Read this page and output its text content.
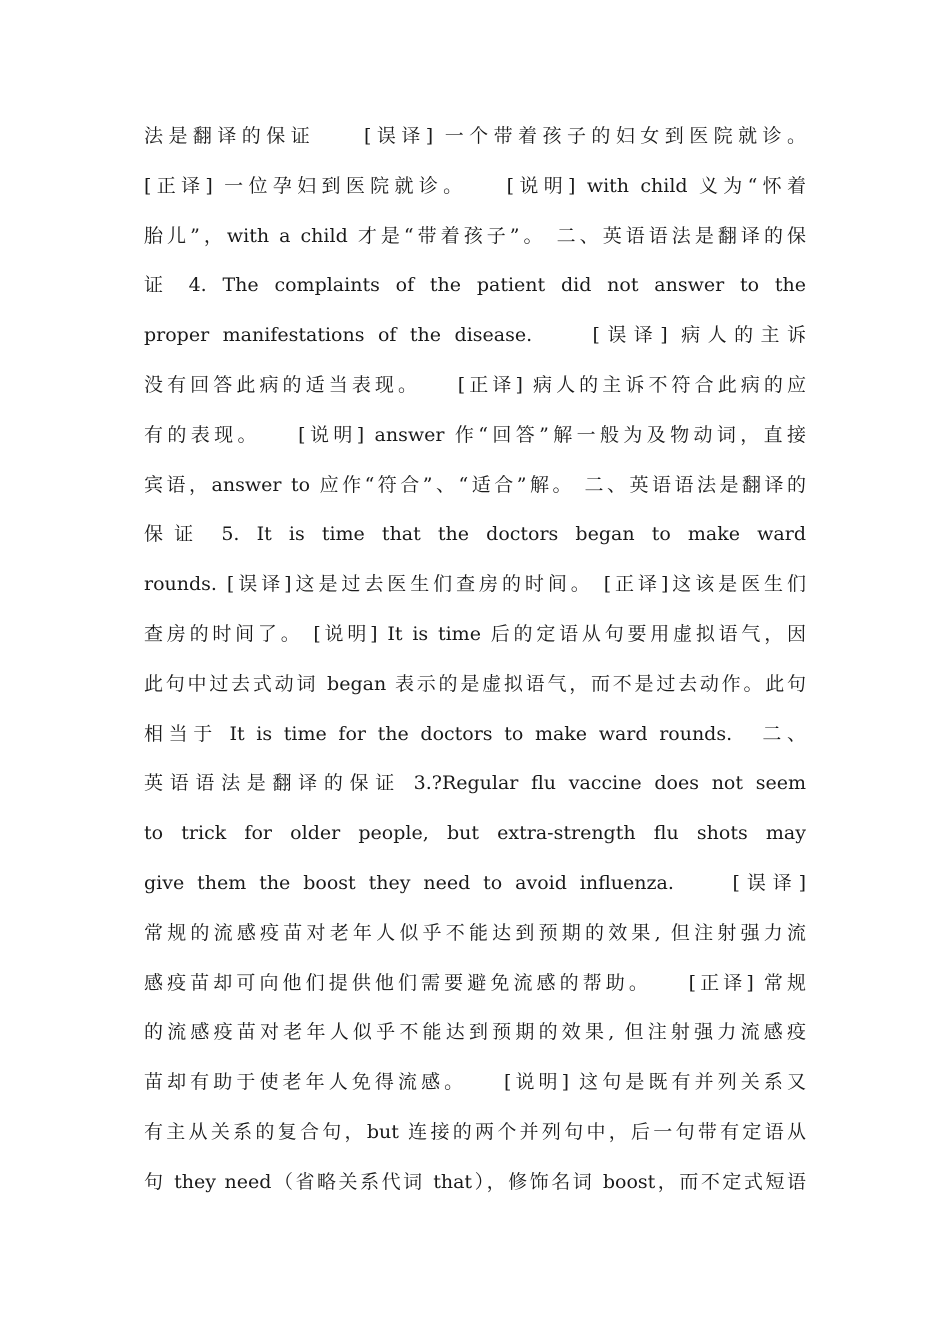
法是翻译的保证　　[误译] 一个带着孩子的妇女到医院就诊。
[正译] 一位孕妇到医院就诊。　　[说明] with child 义为“怀着
胎儿”，with a child 才是“带着孩子”。 二、英语语法是翻译的保
证 4. The complaints of the patient did not answer to the
proper manifestations of the disease.　　[误译] 病人的主诉
没有回答此病的适当表现。　　[正译] 病人的主诉不符合此病的应
有的表现。　　[说明] answer 作“回答”解一般为及物动词，直接
宾语，answer to 应作“符合”、“适合”解。 二、英语语法是翻译的
保证 5. It is time that the doctors began to make ward
rounds. [误译]这是过去医生们查房的时间。 [正译]这该是医生们
查房的时间了。 [说明] It is time 后的定语从句要用虚拟语气，因
此句中过去式动词 began 表示的是虚拟语气，而不是过去动作。此句
相当于 It is time for the doctors to make ward rounds.　二、
英语语法是翻译的保证 3.?Regular flu vaccine does not seem
to trick for older people, but extra-strength flu shots may
give them the boost they need to avoid influenza.　　[误译]
常规的流感疫苗对老年人似乎不能达到预期的效果, 但注射强力流
感疫苗却可向他们提供他们需要避免流感的帮助。　　[正译] 常规
的流感疫苗对老年人似乎不能达到预期的效果, 但注射强力流感疫
苗却有助于使老年人免得流感。　　[说明] 这句是既有并列关系又
有主从关系的复合句，but 连接的两个并列句中，后一句带有定语从
句 they need（省略关系代词 that），修饰名词 boost，而不定式短语
